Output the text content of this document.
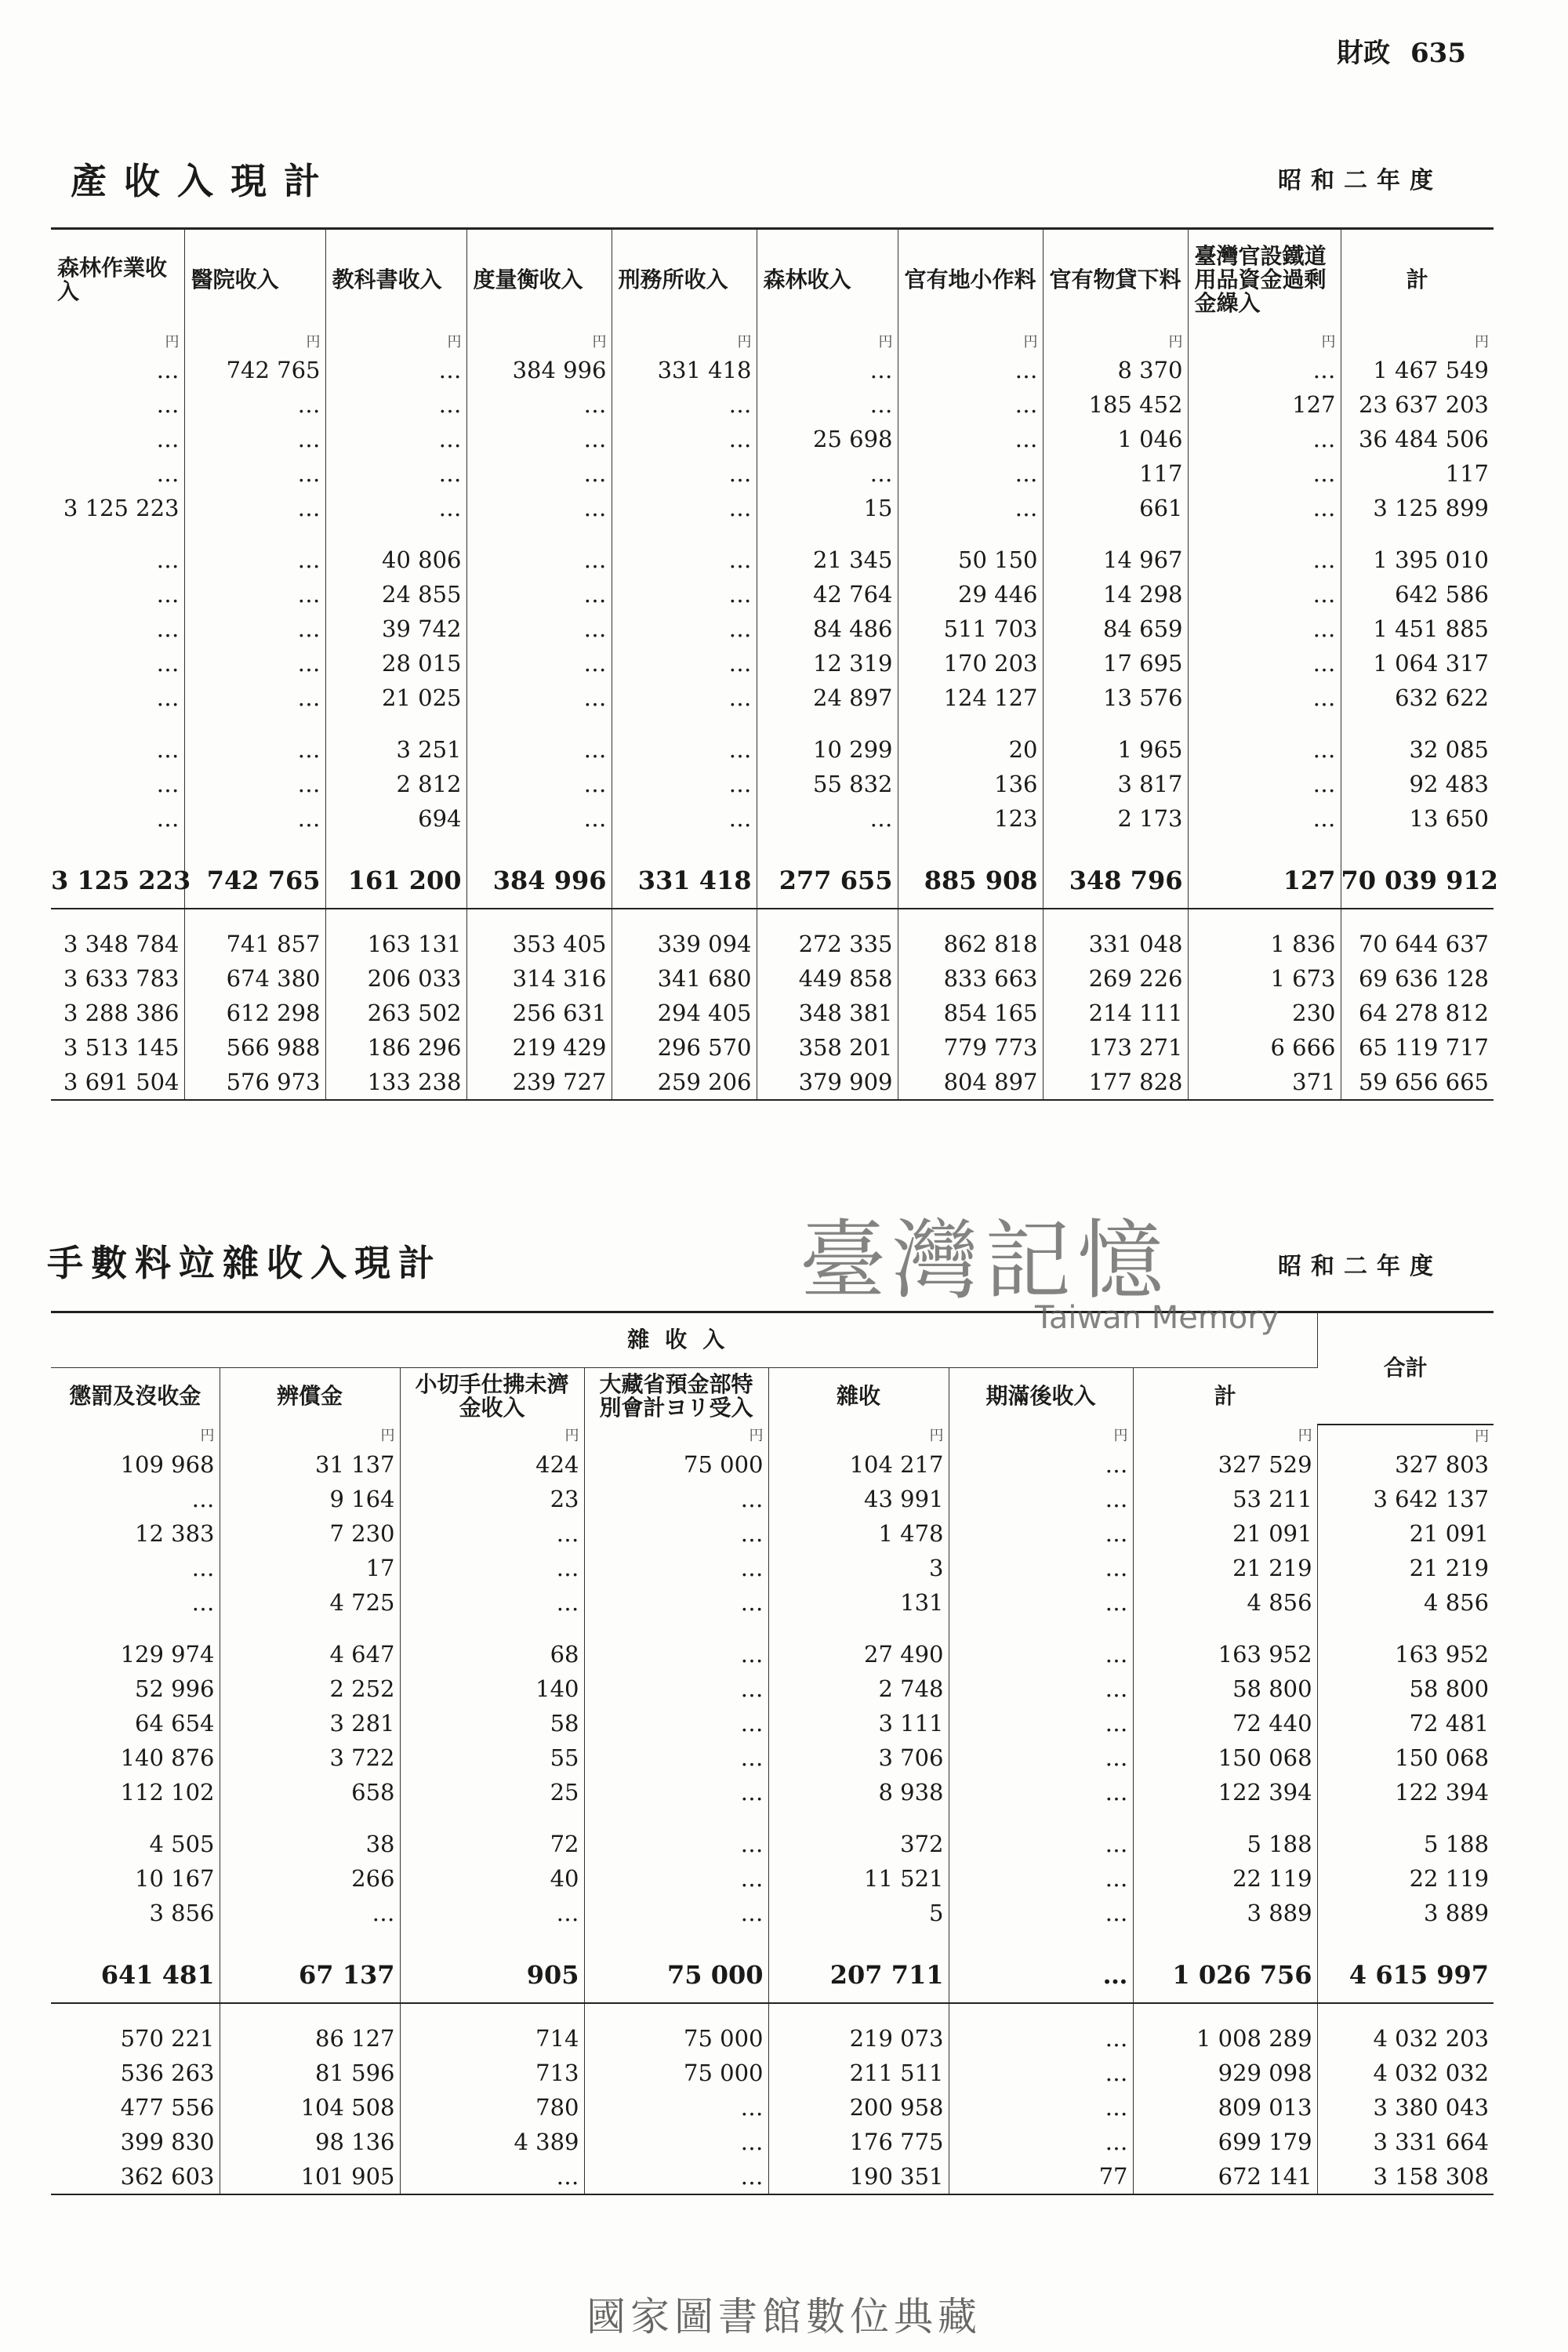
財政 635
產收入現計	昭和二年度
森林作業收入	醫院收入	教科書收入	度量衡收入	刑務所收入	森林收入	官有地小作料	官有物貸下料	臺灣官設鐵道用品資金過剩金繰入	計
円	円	円	円	円	円	円	円	円	円
…	742 765	…	384 996	331 418	…	…	8 370	…	1 467 549
…	…	…	…	…	…	…	185 452	127	23 637 203
…	…	…	…	…	25 698	…	1 046	…	36 484 506
…	…	…	…	…	…	…	117	…	117
3 125 223	…	…	…	…	15	…	661	…	3 125 899

…	…	40 806	…	…	21 345	50 150	14 967	…	1 395 010
…	…	24 855	…	…	42 764	29 446	14 298	…	642 586
…	…	39 742	…	…	84 486	511 703	84 659	…	1 451 885
…	…	28 015	…	…	12 319	170 203	17 695	…	1 064 317
…	…	21 025	…	…	24 897	124 127	13 576	…	632 622

…	…	3 251	…	…	10 299	20	1 965	…	32 085
…	…	2 812	…	…	55 832	136	3 817	…	92 483
…	…	694	…	…	…	123	2 173	…	13 650

3 125 223	742 765	161 200	384 996	331 418	277 655	885 908	348 796	127	70 039 912

3 348 784	741 857	163 131	353 405	339 094	272 335	862 818	331 048	1 836	70 644 637
3 633 783	674 380	206 033	314 316	341 680	449 858	833 663	269 226	1 673	69 636 128
3 288 386	612 298	263 502	256 631	294 405	348 381	854 165	214 111	230	64 278 812
3 513 145	566 988	186 296	219 429	296 570	358 201	779 773	173 271	6 666	65 119 717
3 691 504	576 973	133 238	239 727	259 206	379 909	804 897	177 828	371	59 656 665
手數料竝雜收入現計	昭和二年度
雜收入							合計
懲罰及沒收金	辨償金	小切手仕拂未濟金收入	大藏省預金部特別會計ヨリ受入	雜收	期滿後收入	計	
円	円	円	円	円	円	円	円
109 968	31 137	424	75 000	104 217	…	327 529	327 803
…	9 164	23	…	43 991	…	53 211	3 642 137
12 383	7 230	…	…	1 478	…	21 091	21 091
…	17	…	…	3	…	21 219	21 219
…	4 725	…	…	131	…	4 856	4 856

129 974	4 647	68	…	27 490	…	163 952	163 952
52 996	2 252	140	…	2 748	…	58 800	58 800
64 654	3 281	58	…	3 111	…	72 440	72 481
140 876	3 722	55	…	3 706	…	150 068	150 068
112 102	658	25	…	8 938	…	122 394	122 394

4 505	38	72	…	372	…	5 188	5 188
10 167	266	40	…	11 521	…	22 119	22 119
3 856	…	…	…	5	…	3 889	3 889

641 481	67 137	905	75 000	207 711	…	1 026 756	4 615 997

570 221	86 127	714	75 000	219 073	…	1 008 289	4 032 203
536 263	81 596	713	75 000	211 511	…	929 098	4 032 032
477 556	104 508	780	…	200 958	…	809 013	3 380 043
399 830	98 136	4 389	…	176 775	…	699 179	3 331 664
362 603	101 905	…	…	190 351	77	672 141	3 158 308
臺灣記憶
Taiwan Memory
國家圖書館數位典藏
